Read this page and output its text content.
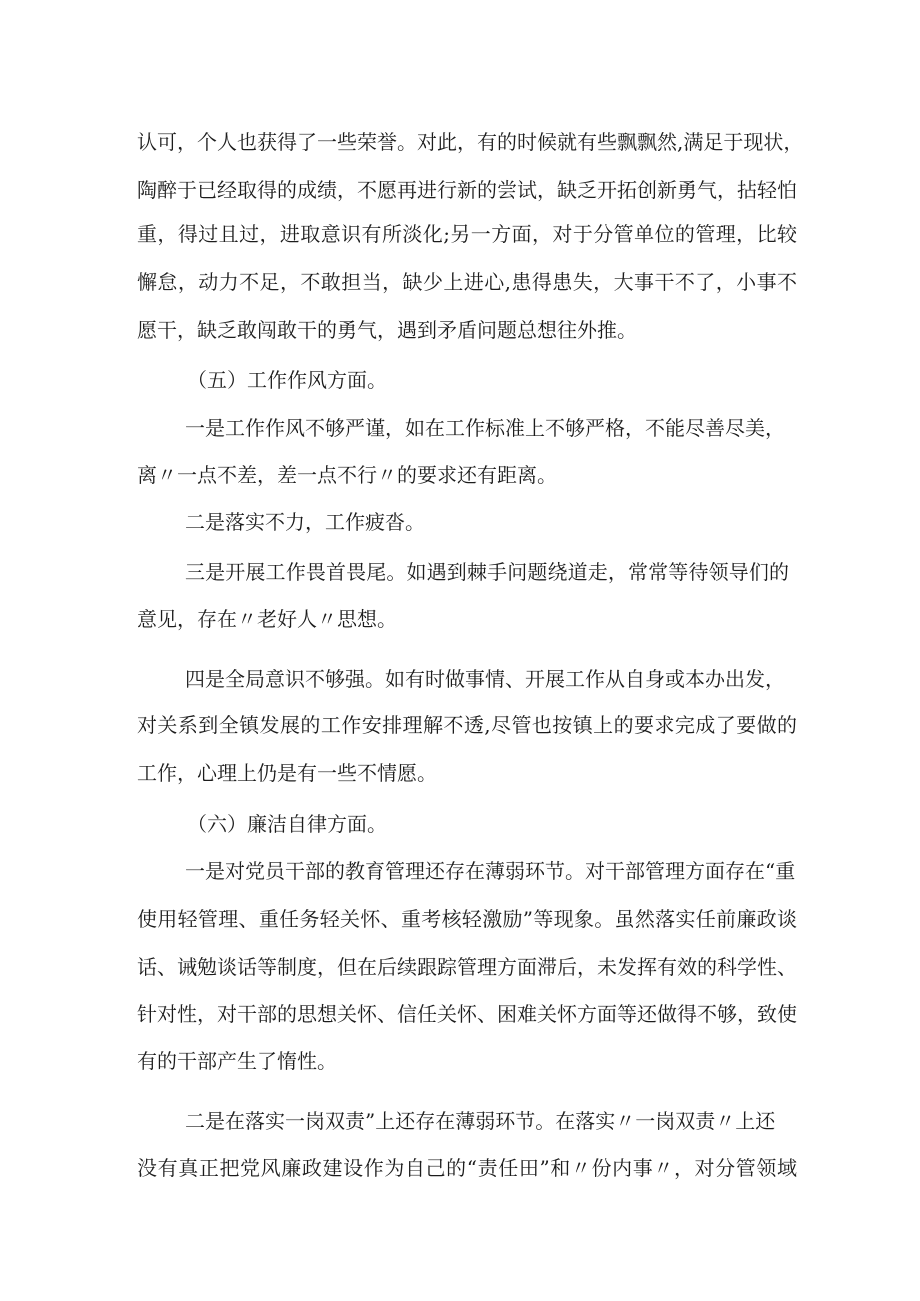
认可，个人也获得了一些荣誉。对此，有的时候就有些飘飘然,满足于现状，
陶醉于已经取得的成绩，不愿再进行新的尝试，缺乏开拓创新勇气，拈轻怕
重，得过且过，进取意识有所淡化;另一方面，对于分管单位的管理，比较
懈怠，动力不足，不敢担当，缺少上进心,患得患失，大事干不了，小事不
愿干，缺乏敢闯敢干的勇气，遇到矛盾问题总想往外推。
（五）工作作风方面。
一是工作作风不够严谨，如在工作标准上不够严格，不能尽善尽美，
离〃一点不差，差一点不行〃的要求还有距离。
二是落实不力，工作疲沓。
三是开展工作畏首畏尾。如遇到棘手问题绕道走，常常等待领导们的
意见，存在〃老好人〃思想。
四是全局意识不够强。如有时做事情、开展工作从自身或本办出发，
对关系到全镇发展的工作安排理解不透,尽管也按镇上的要求完成了要做的
工作，心理上仍是有一些不情愿。
（六）廉洁自律方面。
一是对党员干部的教育管理还存在薄弱环节。对干部管理方面存在“重
使用轻管理、重任务轻关怀、重考核轻激励”等现象。虽然落实任前廉政谈
话、诫勉谈话等制度，但在后续跟踪管理方面滞后，未发挥有效的科学性、
针对性，对干部的思想关怀、信任关怀、困难关怀方面等还做得不够，致使
有的干部产生了惰性。
二是在落实一岗双责”上还存在薄弱环节。在落实〃一岗双责〃上还
没有真正把党风廉政建设作为自己的“责任田”和〃份内事〃，对分管领域
